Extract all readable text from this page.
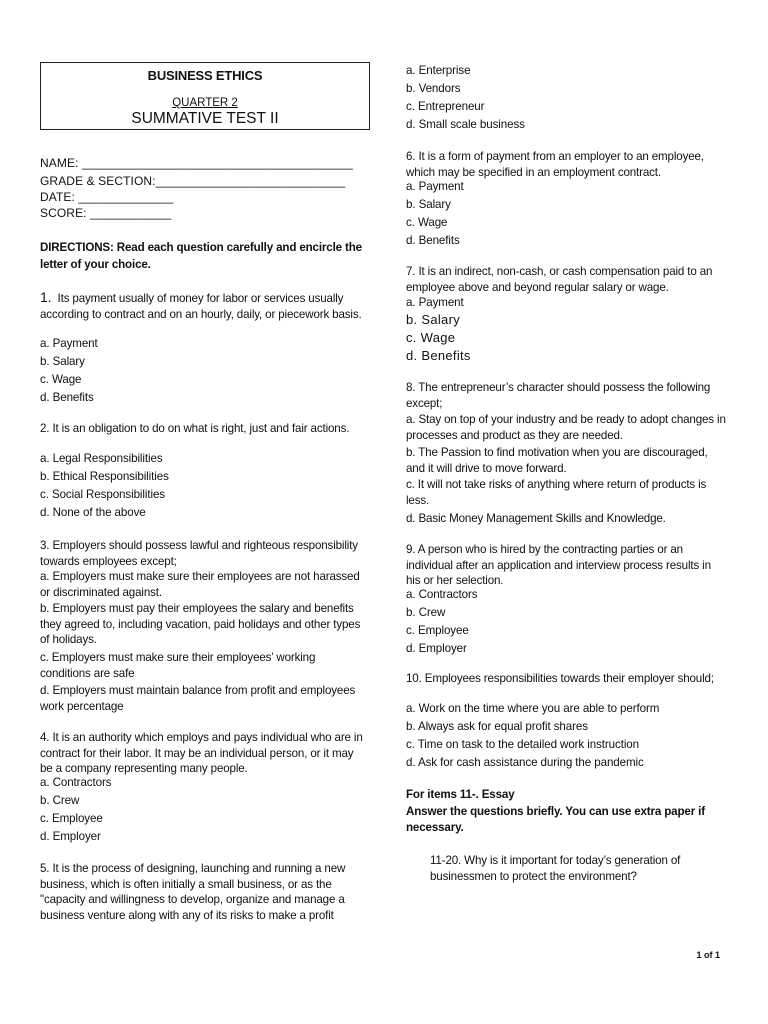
BUSINESS ETHICS
QUARTER 2
SUMMATIVE TEST II
NAME: ________________________________________
GRADE & SECTION:____________________________
DATE: ______________
SCORE: ____________
DIRECTIONS: Read each question carefully and encircle the letter of your choice.
1. Its payment usually of money for labor or services usually according to contract and on an hourly, daily, or piecework basis.
a. Payment
b. Salary
c. Wage
d. Benefits
2. It is an obligation to do on what is right, just and fair actions.
a. Legal Responsibilities
b. Ethical Responsibilities
c. Social Responsibilities
d. None of the above
3. Employers should possess lawful and righteous responsibility towards employees except;
a. Employers must make sure their employees are not harassed or discriminated against.
b. Employers must pay their employees the salary and benefits they agreed to, including vacation, paid holidays and other types of holidays.
c. Employers must make sure their employees’ working conditions are safe
d. Employers must maintain balance from profit and employees work percentage
4. It is an authority which employs and pays individual who are in contract for their labor. It may be an individual person, or it may be a company representing many people.
a. Contractors
b. Crew
c. Employee
d. Employer
5. It is the process of designing, launching and running a new business, which is often initially a small business, or as the "capacity and willingness to develop, organize and manage a business venture along with any of its risks to make a profit
a. Enterprise
b. Vendors
c. Entrepreneur
d. Small scale business
6. It is a form of payment from an employer to an employee, which may be specified in an employment contract.
a. Payment
b. Salary
c. Wage
d. Benefits
7. It is an indirect, non-cash, or cash compensation paid to an employee above and beyond regular salary or wage.
a. Payment
b. Salary
c. Wage
d. Benefits
8. The entrepreneur’s character should possess the following except;
a. Stay on top of your industry and be ready to adopt changes in processes and product as they are needed.
b. The Passion to find motivation when you are discouraged, and it will drive to move forward.
c. It will not take risks of anything where return of products is less.
d. Basic Money Management Skills and Knowledge.
9. A person who is hired by the contracting parties or an individual after an application and interview process results in his or her selection.
a. Contractors
b. Crew
c. Employee
d. Employer
10. Employees responsibilities towards their employer should;
a. Work on the time where you are able to perform
b. Always ask for equal profit shares
c. Time on task to the detailed work instruction
d. Ask for cash assistance during the pandemic
For items 11-. Essay
Answer the questions briefly. You can use extra paper if necessary.
11-20. Why is it important for today’s generation of businessmen to protect the environment?
1 of 1
